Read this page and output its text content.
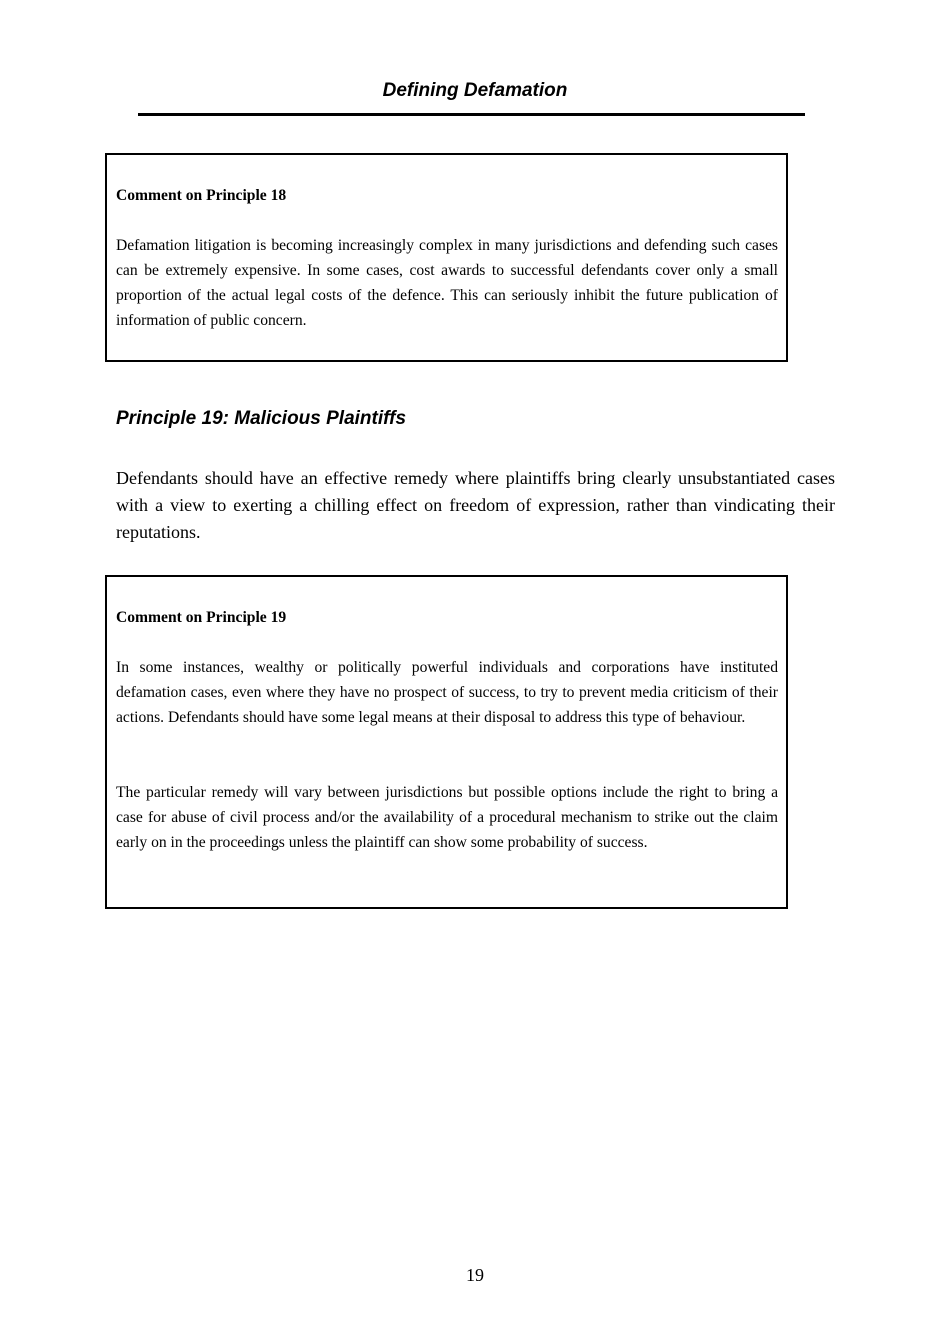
Defining Defamation

Comment on Principle 18

Defamation litigation is becoming increasingly complex in many jurisdictions and defending such cases can be extremely expensive. In some cases, cost awards to successful defendants cover only a small proportion of the actual legal costs of the defence. This can seriously inhibit the future publication of information of public concern.

Principle 19: Malicious Plaintiffs

Defendants should have an effective remedy where plaintiffs bring clearly unsubstantiated cases with a view to exerting a chilling effect on freedom of expression, rather than vindicating their reputations.

Comment on Principle 19

In some instances, wealthy or politically powerful individuals and corporations have instituted defamation cases, even where they have no prospect of success, to try to prevent media criticism of their actions. Defendants should have some legal means at their disposal to address this type of behaviour.

The particular remedy will vary between jurisdictions but possible options include the right to bring a case for abuse of civil process and/or the availability of a procedural mechanism to strike out the claim early on in the proceedings unless the plaintiff can show some probability of success.

19
